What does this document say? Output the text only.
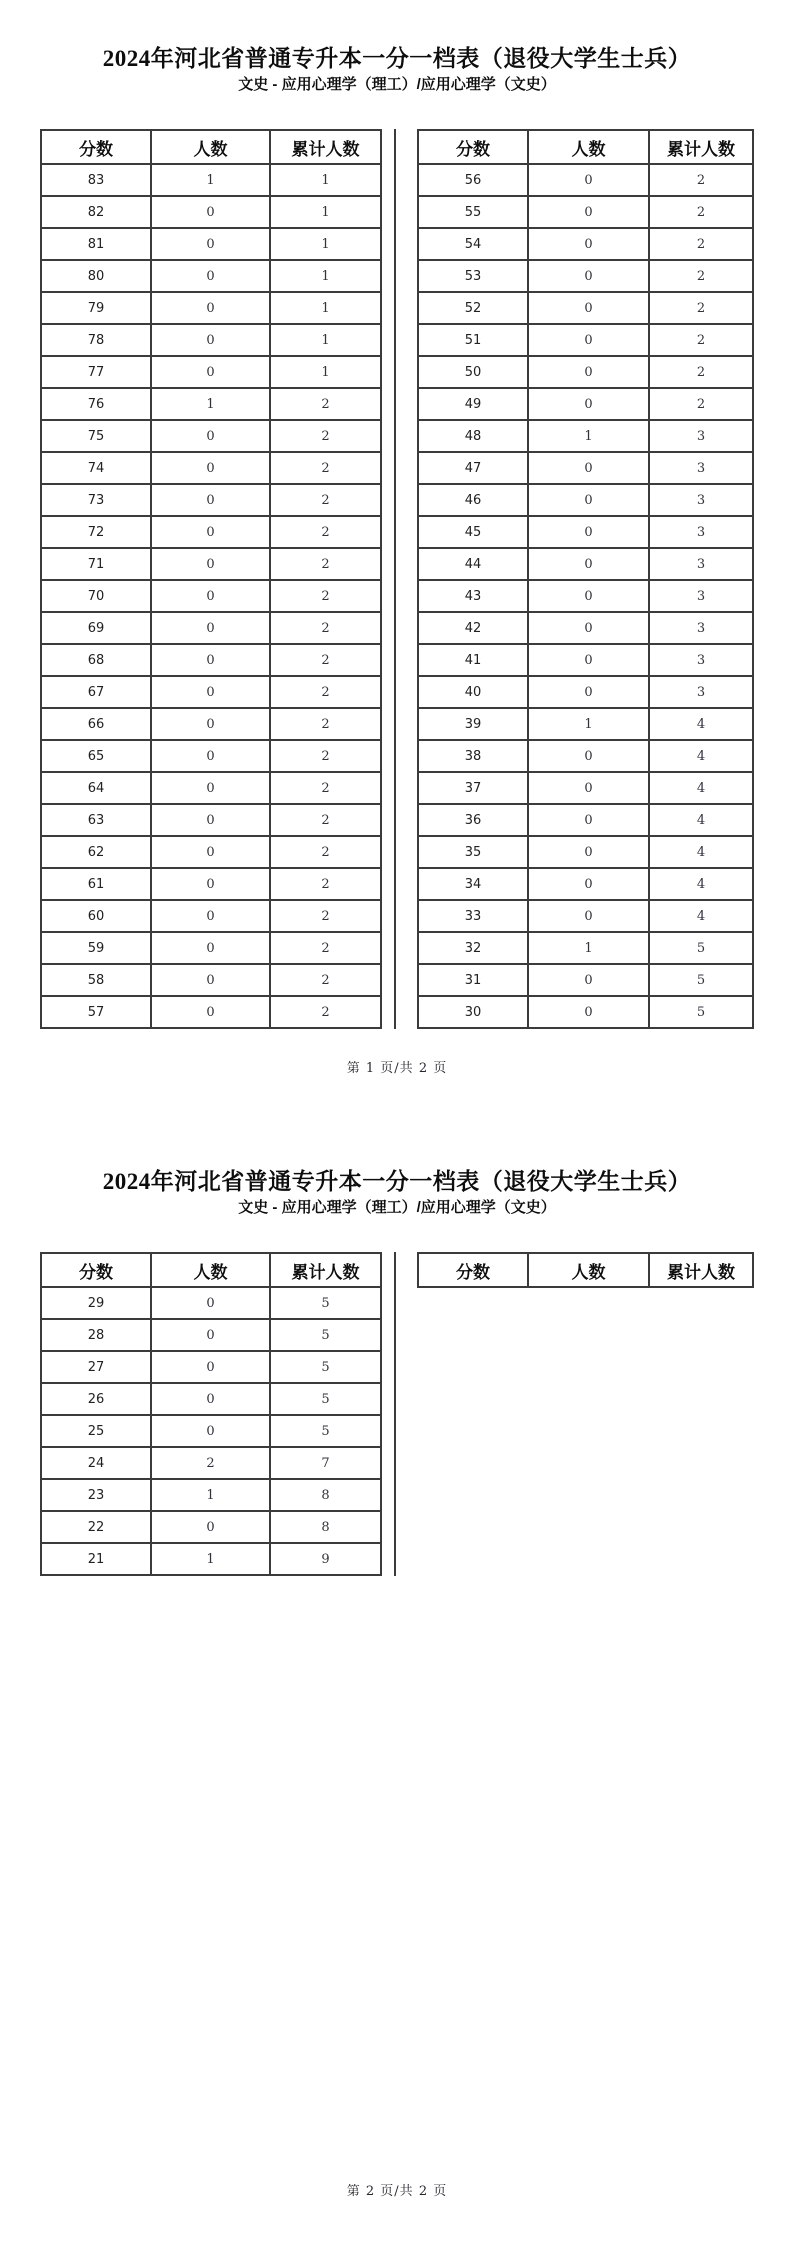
2024年河北省普通专升本一分一档表（退役大学生士兵）
文史 - 应用心理学（理工）/应用心理学（文史）
分数	人数	累计人数
83	1	1
82	0	1
81	0	1
80	0	1
79	0	1
78	0	1
77	0	1
76	1	2
75	0	2
74	0	2
73	0	2
72	0	2
71	0	2
70	0	2
69	0	2
68	0	2
67	0	2
66	0	2
65	0	2
64	0	2
63	0	2
62	0	2
61	0	2
60	0	2
59	0	2
58	0	2
57	0	2
分数	人数	累计人数
56	0	2
55	0	2
54	0	2
53	0	2
52	0	2
51	0	2
50	0	2
49	0	2
48	1	3
47	0	3
46	0	3
45	0	3
44	0	3
43	0	3
42	0	3
41	0	3
40	0	3
39	1	4
38	0	4
37	0	4
36	0	4
35	0	4
34	0	4
33	0	4
32	1	5
31	0	5
30	0	5
第 1 页/共 2 页
2024年河北省普通专升本一分一档表（退役大学生士兵）
文史 - 应用心理学（理工）/应用心理学（文史）
分数	人数	累计人数
29	0	5
28	0	5
27	0	5
26	0	5
25	0	5
24	2	7
23	1	8
22	0	8
21	1	9
分数	人数	累计人数
第 2 页/共 2 页
